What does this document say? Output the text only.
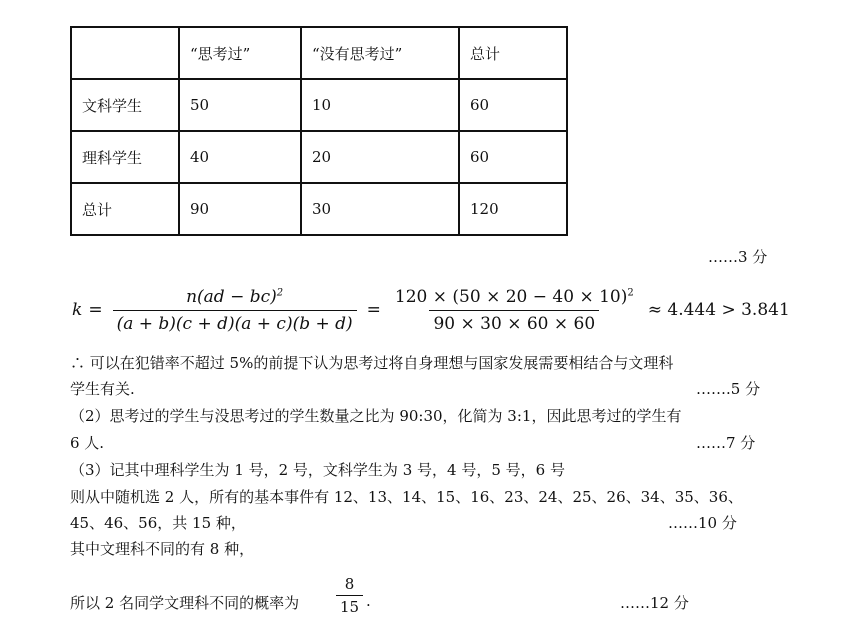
	“思考过”	“没有思考过”	总计
文科学生	50	10	60
理科学生	40	20	60
总计	90	30	120
……3 分
$k = \frac{n(ad - bc)^2}{(a + b)(c + d)(a + c)(b + d)} = \frac{120 \times (50 \times 20 - 40 \times 10)^2}{90 \times 30 \times 60 \times 60} \approx 4.444 > 3.841$
∴ 可以在犯错率不超过 5%的前提下认为思考过将自身理想与国家发展需要相结合与文理科
学生有关.	…….5 分
（2）思考过的学生与没思考过的学生数量之比为 90:30，化简为 3:1，因此思考过的学生有
6 人.	……7 分
（3）记其中理科学生为 1 号，2 号，文科学生为 3 号，4 号，5 号，6 号
则从中随机选 2 人，所有的基本事件有 12、13、14、15、16、23、24、25、26、34、35、36、
45、46、56，共 15 种，	……10 分
其中文理科不同的有 8 种，
所以 2 名同学文理科不同的概率为 $\frac{8}{15}$ .	……12 分
